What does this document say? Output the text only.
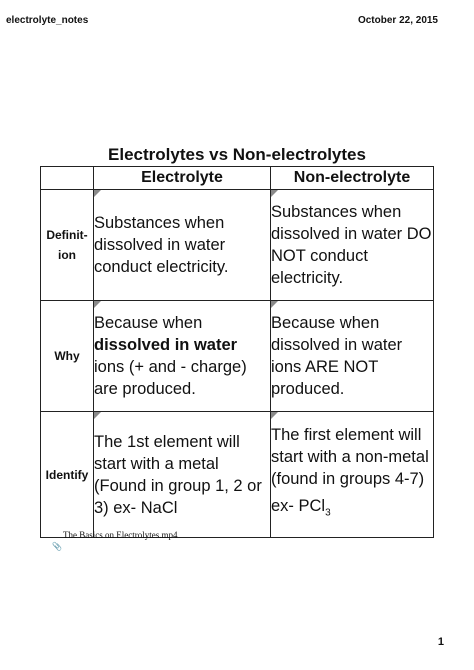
electrolyte_notes	October 22, 2015
Electrolytes vs Non-electrolytes
	Electrolyte	Non-electrolyte

Definit-
ion	Substances when dissolved in water conduct electricity.	Substances when dissolved in water DO NOT conduct electricity.
Why	Because when dissolved in water ions (+ and - charge) are produced.	Because when dissolved in water ions ARE NOT produced.
Identify	The 1st element will start with a metal (Found in group 1, 2 or 3) ex- NaCl	The first element will start with a non-metal (found in groups 4-7)
ex- PCl$_3$
The Basics on Electrolytes.mp4
📎
1
